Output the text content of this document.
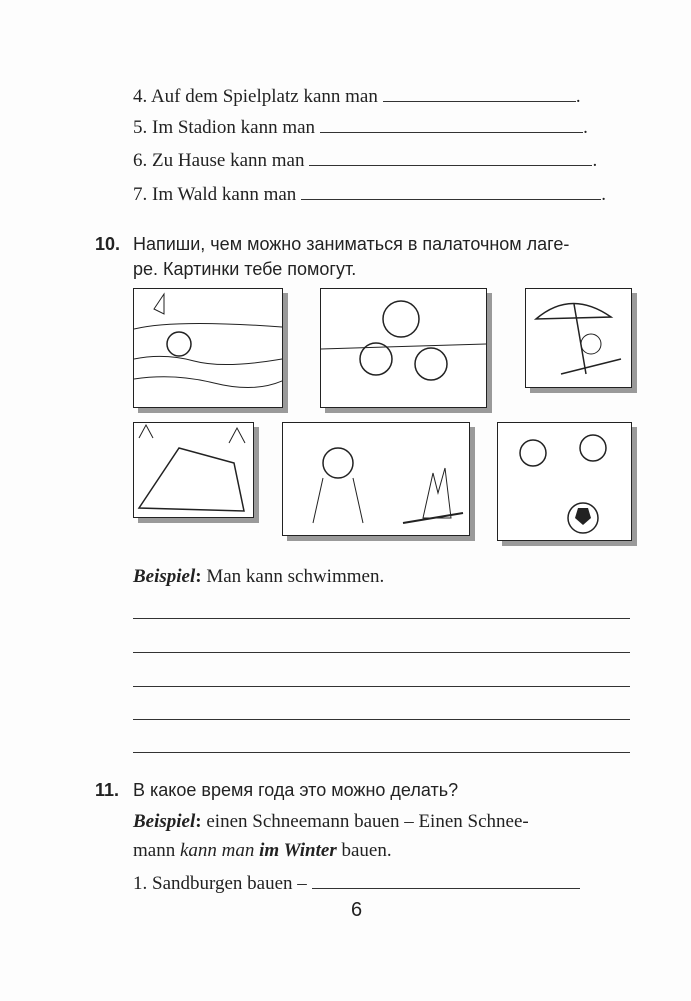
4. Auf dem Spielplatz kann man	.
5. Im Stadion kann man	.
6. Zu Hause kann man	.
7. Im Wald kann man	.
10. Напиши, чем можно заниматься в палаточном лаге-
ре. Картинки тебе помогут.
Beispiel: Man kann schwimmen.
11. В какое время года это можно делать?
Beispiel: einen Schneemann bauen – Einen Schnee-
mann kann man im Winter bauen.
1. Sandburgen bauen –
6
